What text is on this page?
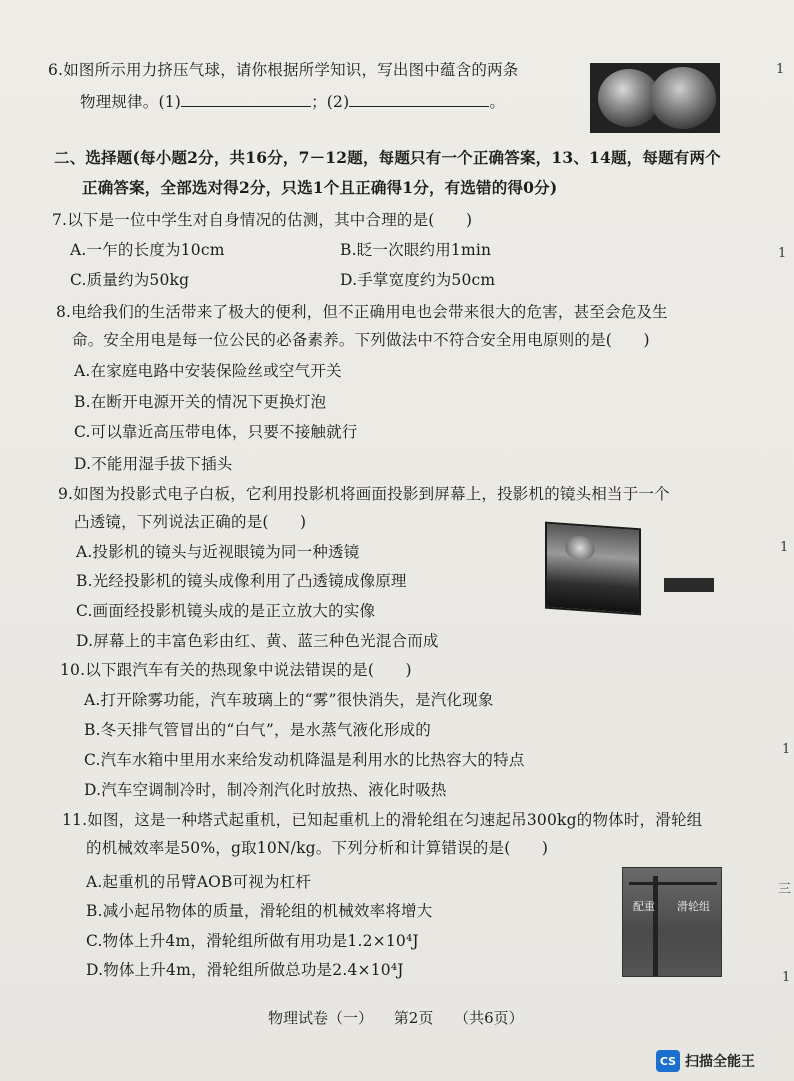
6.如图所示用力挤压气球，请你根据所学知识，写出图中蕴含的两条
物理规律。(1)	；(2)	。
二、选择题(每小题2分，共16分，7－12题，每题只有一个正确答案，13、14题，每题有两个
正确答案，全部选对得2分，只选1个且正确得1分，有选错的得0分)
7.以下是一位中学生对自身情况的估测，其中合理的是(　　)
A.一乍的长度为10cm	B.眨一次眼约用1min
C.质量约为50kg	D.手掌宽度约为50cm
8.电给我们的生活带来了极大的便利，但不正确用电也会带来很大的危害，甚至会危及生
命。安全用电是每一位公民的必备素养。下列做法中不符合安全用电原则的是(　　)
A.在家庭电路中安装保险丝或空气开关
B.在断开电源开关的情况下更换灯泡
C.可以靠近高压带电体，只要不接触就行
D.不能用湿手拔下插头
9.如图为投影式电子白板，它利用投影机将画面投影到屏幕上，投影机的镜头相当于一个
凸透镜，下列说法正确的是(　　)
A.投影机的镜头与近视眼镜为同一种透镜
B.光经投影机的镜头成像利用了凸透镜成像原理
C.画面经投影机镜头成的是正立放大的实像
D.屏幕上的丰富色彩由红、黄、蓝三种色光混合而成
10.以下跟汽车有关的热现象中说法错误的是(　　)
A.打开除雾功能，汽车玻璃上的“雾”很快消失，是汽化现象
B.冬天排气管冒出的“白气”，是水蒸气液化形成的
C.汽车水箱中里用水来给发动机降温是利用水的比热容大的特点
D.汽车空调制冷时，制冷剂汽化时放热、液化时吸热
11.如图，这是一种塔式起重机，已知起重机上的滑轮组在匀速起吊300kg的物体时，滑轮组
的机械效率是50%，g取10N/kg。下列分析和计算错误的是(　　)
A.起重机的吊臂AOB可视为杠杆
B.减小起吊物体的质量，滑轮组的机械效率将增大
C.物体上升4m，滑轮组所做有用功是1.2×10⁴J
D.物体上升4m，滑轮组所做总功是2.4×10⁴J
配重 滑轮组
物理试卷（一） 第2页 （共6页）
CS 扫描全能王
1
1
1
1
三
1
